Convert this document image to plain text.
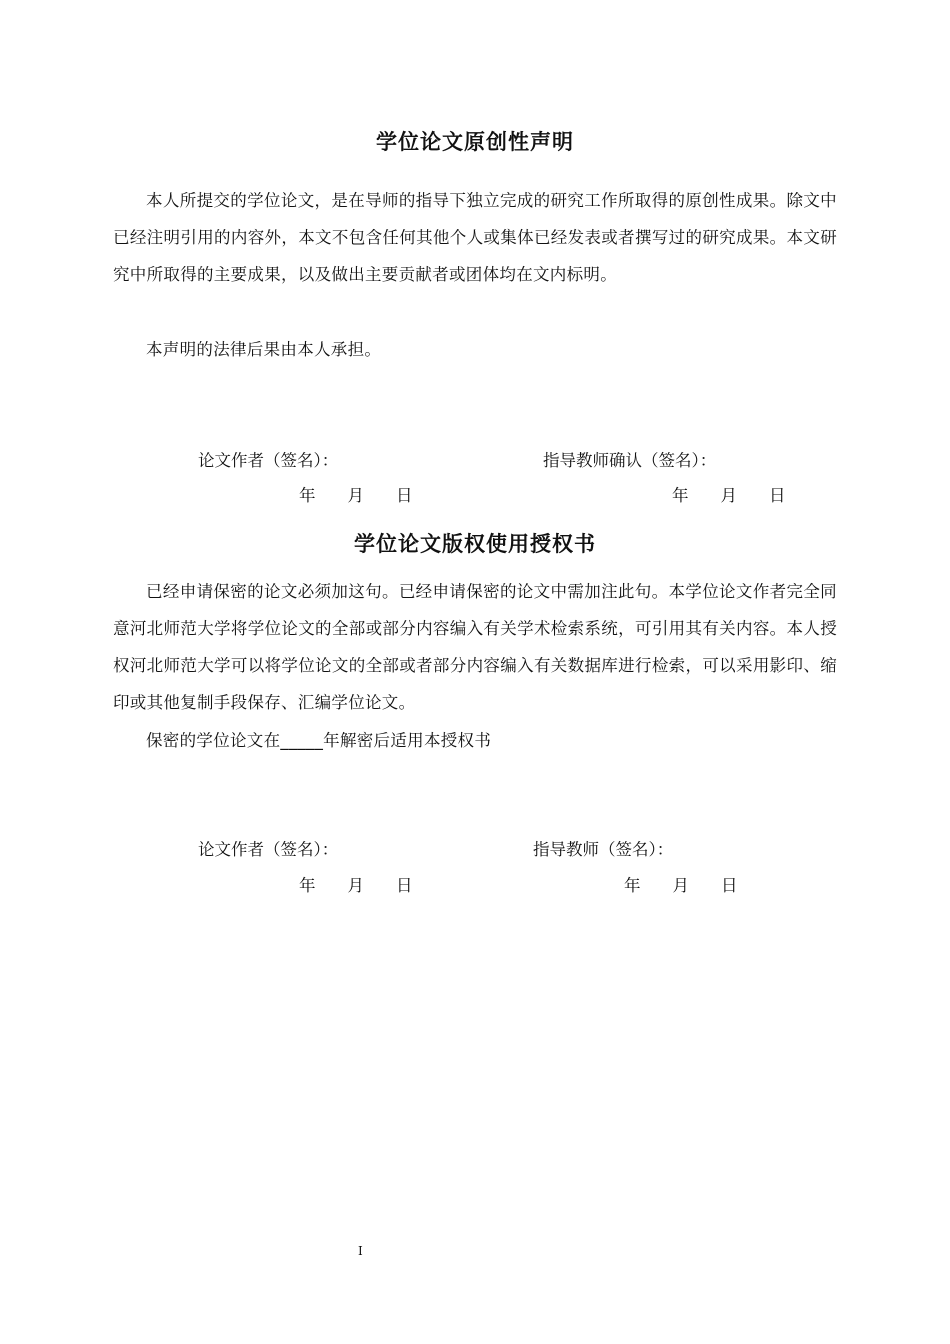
学位论文原创性声明

本人所提交的学位论文，是在导师的指导下独立完成的研究工作所取得的原创性成果。除文中已经注明引用的内容外，本文不包含任何其他个人或集体已经发表或者撰写过的研究成果。本文研究中所取得的主要成果，以及做出主要贡献者或团体均在文内标明。

本声明的法律后果由本人承担。

论文作者（签名）：	指导教师确认（签名）：

年 月 日	年 月 日

学位论文版权使用授权书

已经申请保密的论文必须加这句。已经申请保密的论文中需加注此句。本学位论文作者完全同意河北师范大学将学位论文的全部或部分内容编入有关学术检索系统，可引用其有关内容。本人授权河北师范大学可以将学位论文的全部或者部分内容编入有关数据库进行检索，可以采用影印、缩印或其他复制手段保存、汇编学位论文。

保密的学位论文在_____年解密后适用本授权书

论文作者（签名）：	指导教师（签名）：

年 月 日	年 月 日

I
